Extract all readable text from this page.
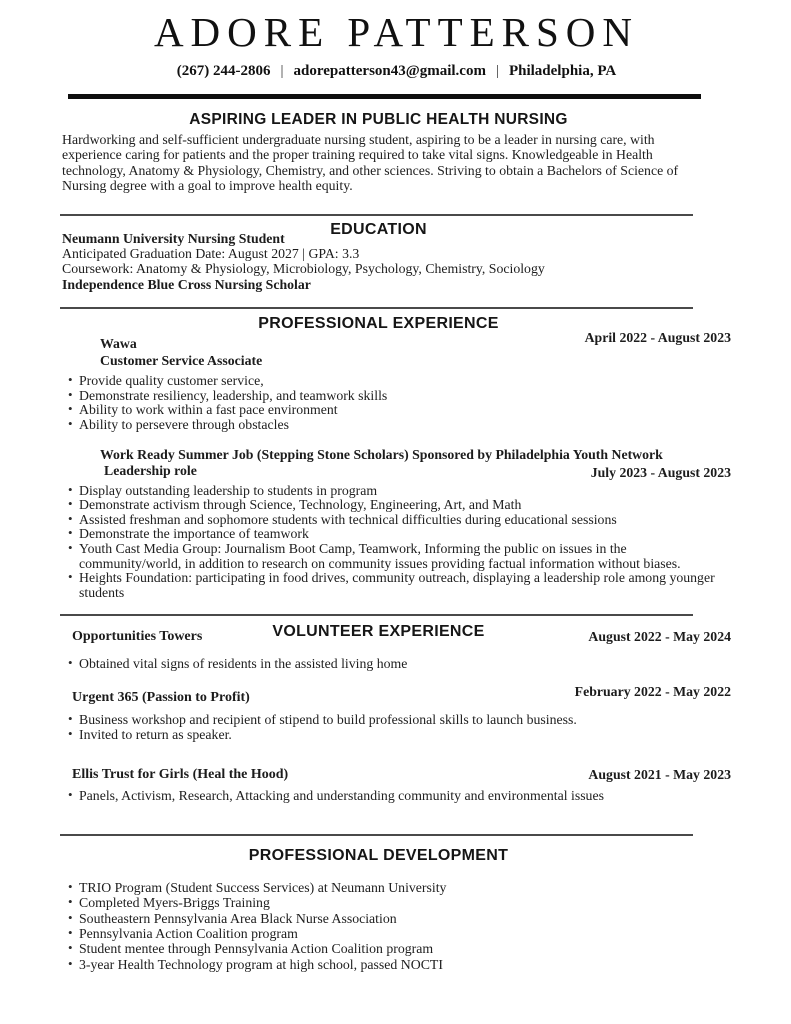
ADORE PATTERSON
(267) 244-2806 | adorepatterson43@gmail.com | Philadelphia, PA
ASPIRING LEADER IN PUBLIC HEALTH NURSING

Hardworking and self-sufficient undergraduate nursing student, aspiring to be a leader in nursing care, with experience caring for patients and the proper training required to take vital signs. Knowledgeable in Health technology, Anatomy & Physiology, Chemistry, and other sciences. Striving to obtain a Bachelors of Science of Nursing degree with a goal to improve health equity.

EDUCATION
Neumann University Nursing Student
Anticipated Graduation Date: August 2027 | GPA: 3.3
Coursework: Anatomy & Physiology, Microbiology, Psychology, Chemistry, Sociology
Independence Blue Cross Nursing Scholar
PROFESSIONAL EXPERIENCE
April 2022 - August 2023
Wawa
Customer Service Associate
• Provide quality customer service,
• Demonstrate resiliency, leadership, and teamwork skills
• Ability to work within a fast pace environment
• Ability to persevere through obstacles
July 2023 - August 2023
Work Ready Summer Job (Stepping Stone Scholars) Sponsored by Philadelphia Youth Network
Leadership role
• Display outstanding leadership to students in program
• Demonstrate activism through Science, Technology, Engineering, Art, and Math
• Assisted freshman and sophomore students with technical difficulties during educational sessions
• Demonstrate the importance of teamwork
• Youth Cast Media Group: Journalism Boot Camp, Teamwork, Informing the public on issues in the community/world, in addition to research on community issues providing factual information without biases.
• Heights Foundation: participating in food drives, community outreach, displaying a leadership role among younger students
Opportunities Towers	VOLUNTEER EXPERIENCE	August 2022 - May 2024
• Obtained vital signs of residents in the assisted living home
February 2022 - May 2022
Urgent 365 (Passion to Profit)
• Business workshop and recipient of stipend to build professional skills to launch business.
• Invited to return as speaker.
August 2021 - May 2023
Ellis Trust for Girls (Heal the Hood)
• Panels, Activism, Research, Attacking and understanding community and environmental issues
PROFESSIONAL DEVELOPMENT
• TRIO Program (Student Success Services) at Neumann University
• Completed Myers-Briggs Training
• Southeastern Pennsylvania Area Black Nurse Association
• Pennsylvania Action Coalition program
• Student mentee through Pennsylvania Action Coalition program
• 3-year Health Technology program at high school, passed NOCTI
